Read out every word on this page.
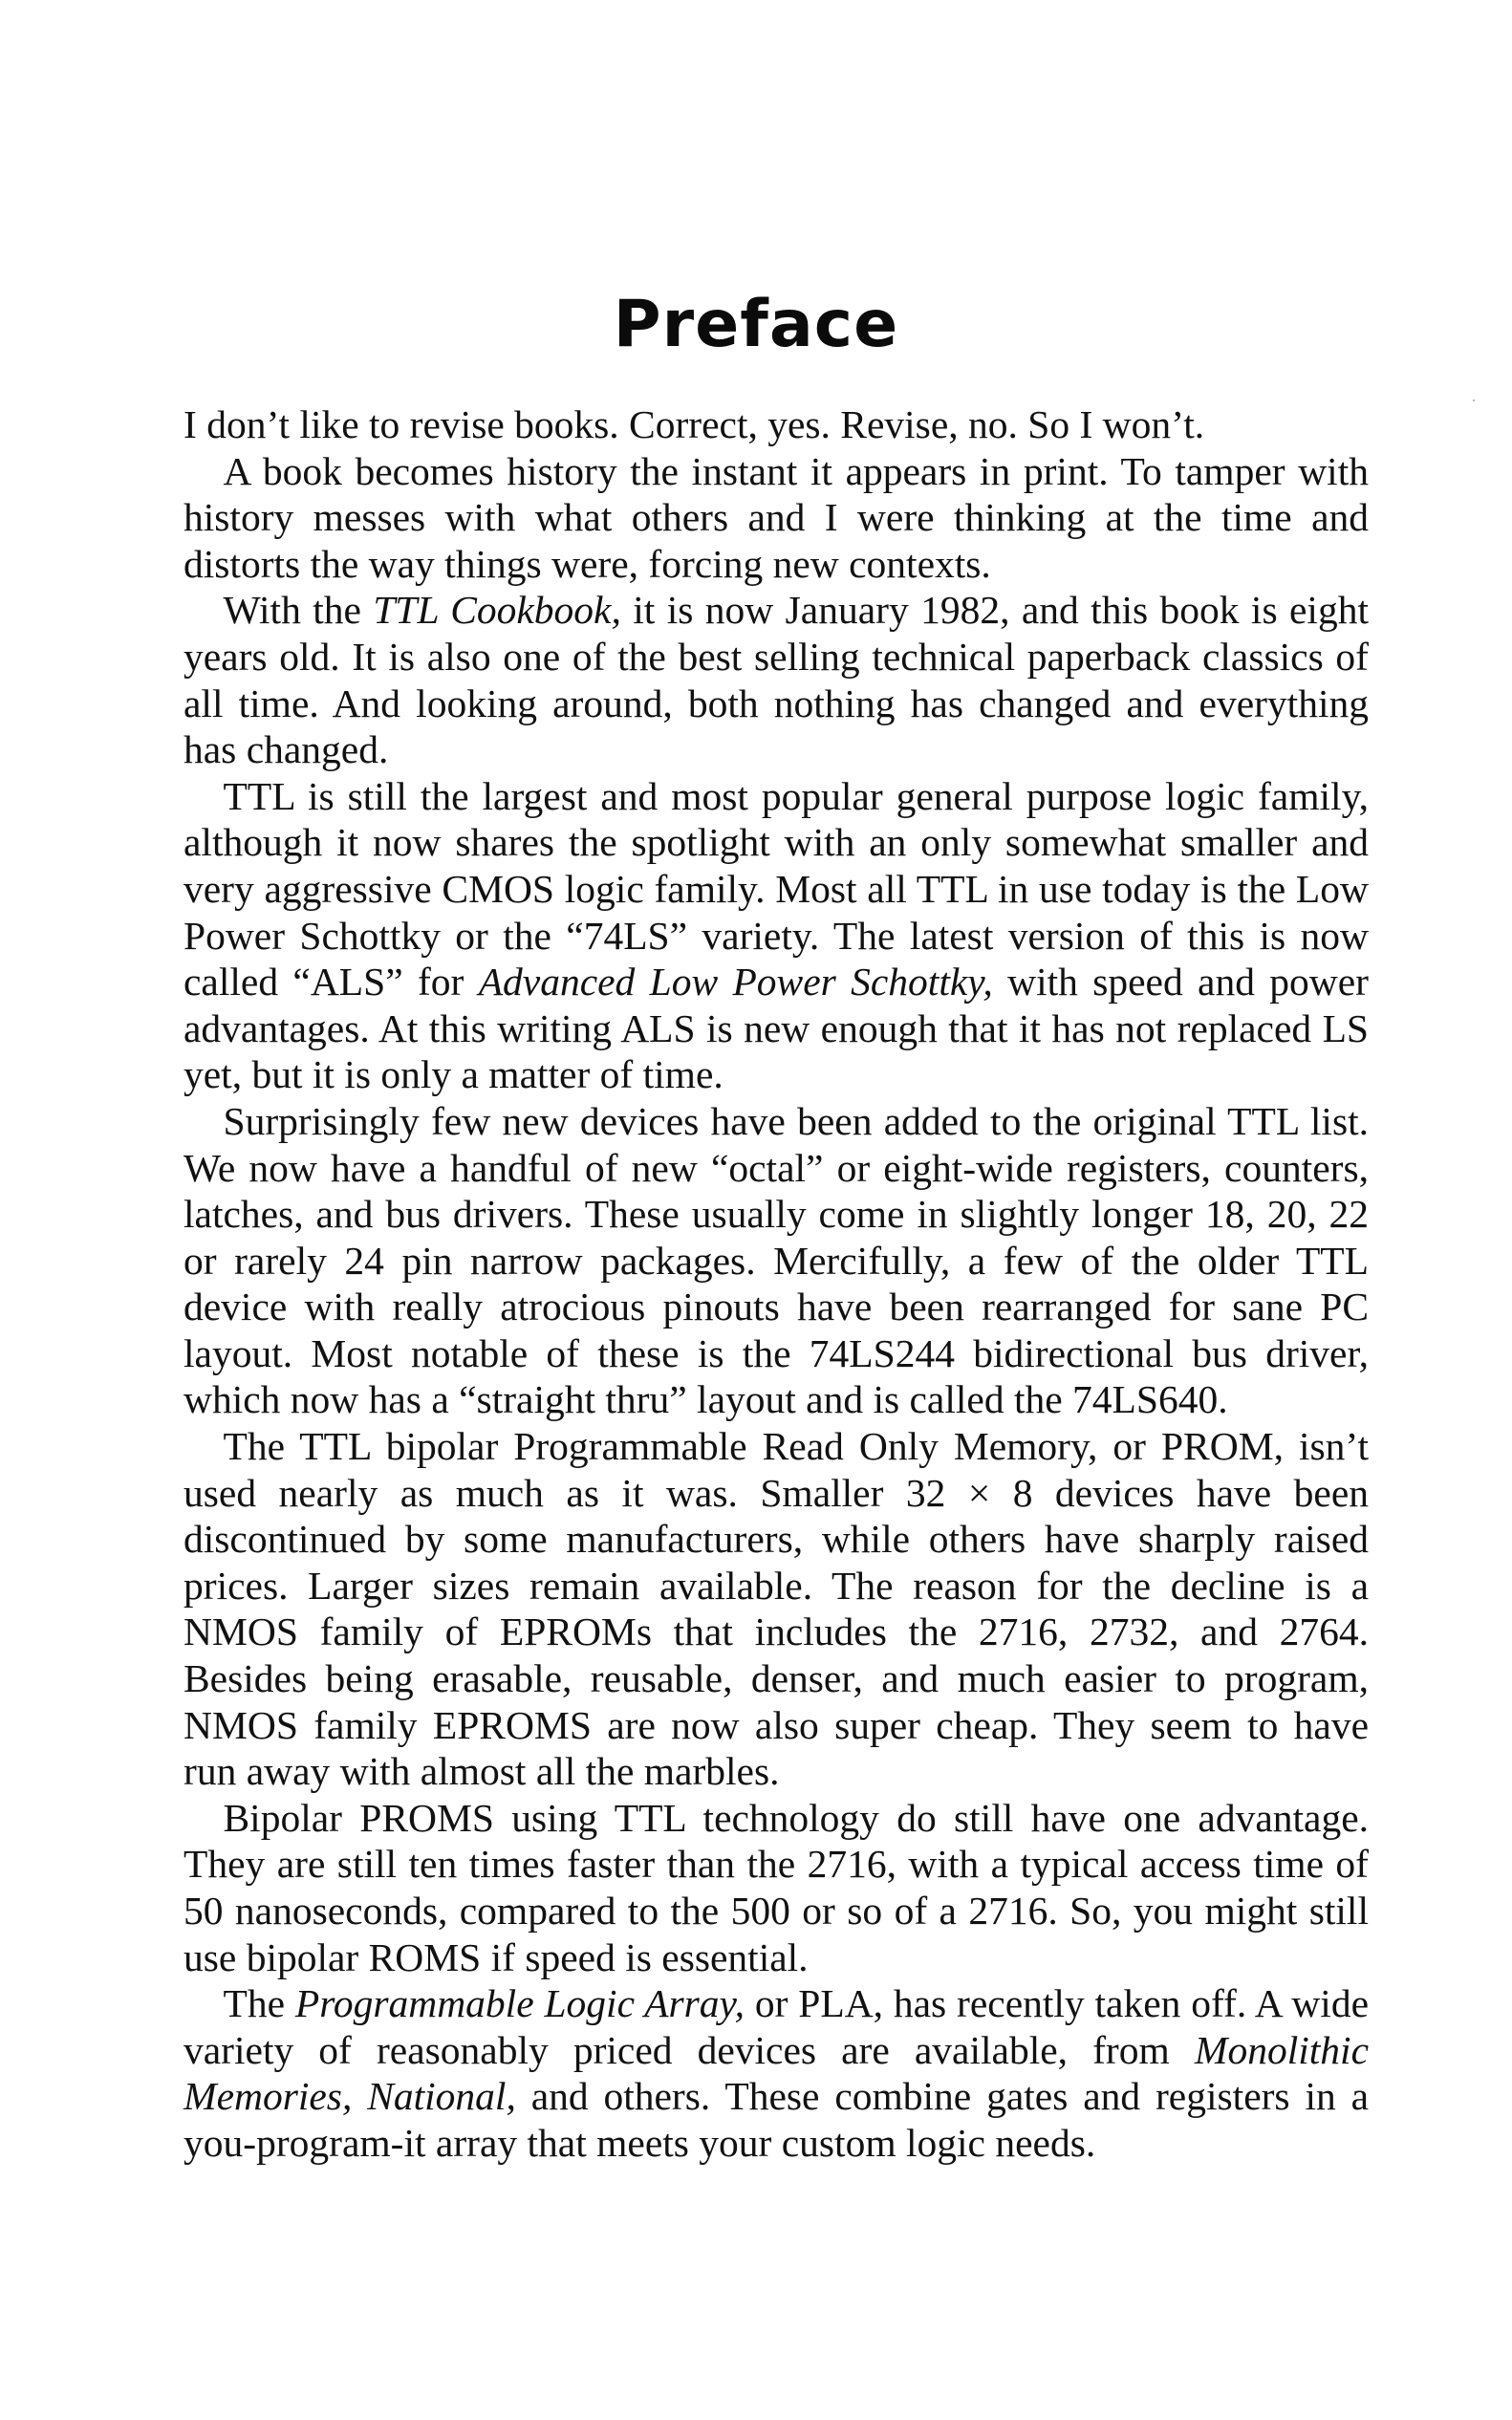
Preface

I don’t like to revise books. Correct, yes. Revise, no. So I won’t.

A book becomes history the instant it appears in print. To tamper with history messes with what others and I were thinking at the time and distorts the way things were, forcing new contexts.

With the TTL Cookbook, it is now January 1982, and this book is eight years old. It is also one of the best selling technical paperback classics of all time. And looking around, both nothing has changed and everything has changed.

TTL is still the largest and most popular general purpose logic family, although it now shares the spotlight with an only somewhat smaller and very aggressive CMOS logic family. Most all TTL in use today is the Low Power Schottky or the “74LS” variety. The latest version of this is now called “ALS” for Advanced Low Power Schottky, with speed and power advantages. At this writing ALS is new enough that it has not replaced LS yet, but it is only a matter of time.

Surprisingly few new devices have been added to the original TTL list. We now have a handful of new “octal” or eight-wide registers, counters, latches, and bus drivers. These usually come in slightly longer 18, 20, 22 or rarely 24 pin narrow packages. Mercifully, a few of the older TTL device with really atrocious pinouts have been rearranged for sane PC layout. Most notable of these is the 74LS244 bidirectional bus driver, which now has a “straight thru” layout and is called the 74LS640.

The TTL bipolar Programmable Read Only Memory, or PROM, isn’t used nearly as much as it was. Smaller 32 × 8 devices have been discontinued by some manufacturers, while others have sharply raised prices. Larger sizes remain available. The reason for the decline is a NMOS family of EPROMs that includes the 2716, 2732, and 2764. Besides being erasable, reusable, denser, and much easier to program, NMOS family EPROMS are now also super cheap. They seem to have run away with almost all the marbles.

Bipolar PROMS using TTL technology do still have one advantage. They are still ten times faster than the 2716, with a typical access time of 50 nanoseconds, compared to the 500 or so of a 2716. So, you might still use bipolar ROMS if speed is essential.

The Programmable Logic Array, or PLA, has recently taken off. A wide variety of reasonably priced devices are available, from Monolithic Memories, National, and others. These combine gates and registers in a you-program-it array that meets your custom logic needs.
